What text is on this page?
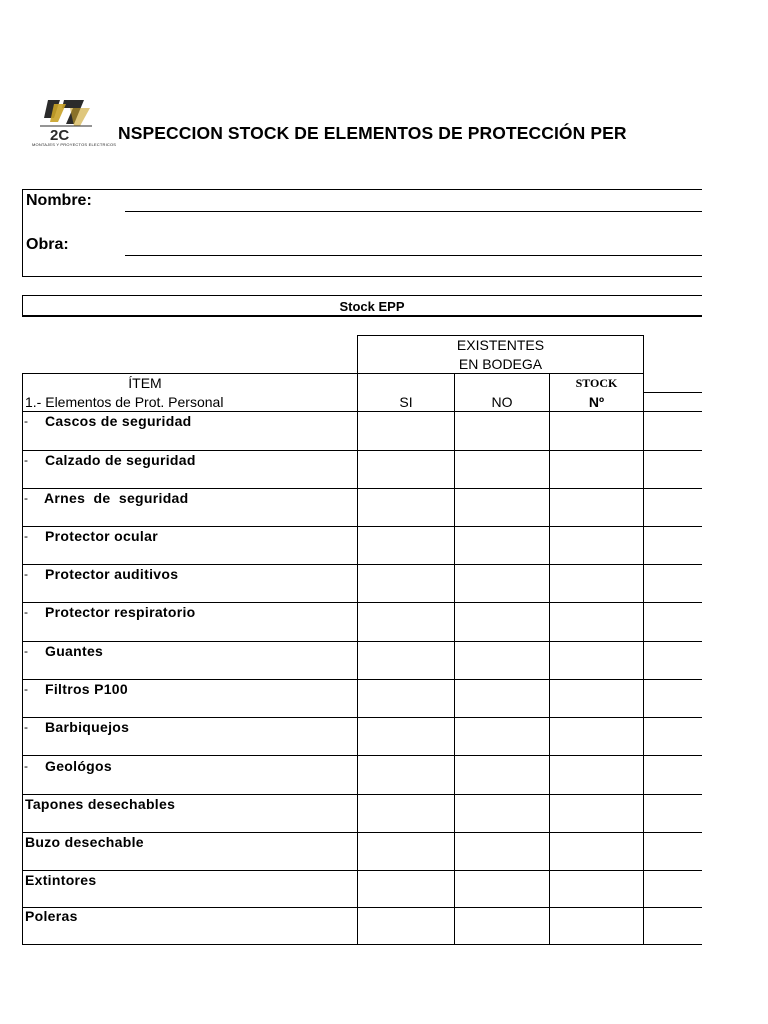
2C
MONTAJES Y PROYECTOS ELECTRICOS
NSPECCION STOCK DE ELEMENTOS DE PROTECCIÓN PER
Nombre:
Obra:
Stock EPP
EXISTENTES
EN BODEGA
ÍTEM
1.- Elementos de Prot. Personal	SI	NO
STOCK
Nº
- Cascos de seguridad
- Calzado de seguridad
- Arnes  de  seguridad
- Protector ocular
- Protector auditivos
- Protector respiratorio
- Guantes
- Filtros P100
- Barbiquejos
- Geológos
Tapones desechables
Buzo desechable
Extintores
Poleras
